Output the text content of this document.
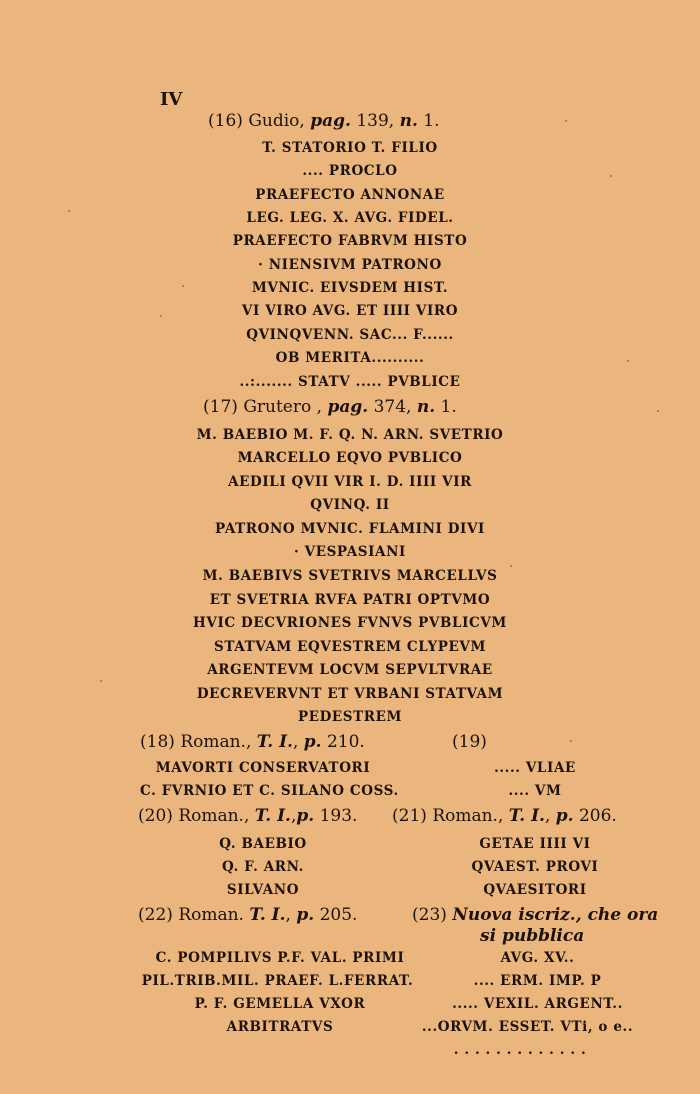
IV
(16) Gudio, pag. 139, n. 1.
T. STATORIO T. FILIO
.... PROCLO
PRAEFECTO ANNONAE
LEG. LEG. X. AVG. FIDEL.
PRAEFECTO FABRVM HISTO
· NIENSIVM PATRONO
MVNIC. EIVSDEM HIST.
VI VIRO AVG. ET IIII VIRO
QVINQVENN. SAC... F......
OB MERITA..........
..:....... STATV ..... PVBLICE
(17) Grutero , pag. 374, n. 1.
M. BAEBIO M. F. Q. N. ARN. SVETRIO
MARCELLO EQVO PVBLICO
AEDILI QVII VIR I. D. IIII VIR
QVINQ. II
PATRONO MVNIC. FLAMINI DIVI
· VESPASIANI
M. BAEBIVS SVETRIVS MARCELLVS
ET SVETRIA RVFA PATRI OPTVMO
HVIC DECVRIONES FVNVS PVBLICVM
STATVAM EQVESTREM CLYPEVM
ARGENTEVM LOCVM SEPVLTVRAE
DECREVERVNT ET VRBANI STATVAM
PEDESTREM
(18) Roman., T. I., p. 210.	(19)
MAVORTI CONSERVATORI
C. FVRNIO ET C. SILANO COSS.
..... VLIAE
.... VM
(20) Roman., T. I.,p. 193. (21) Roman., T. I., p. 206.
Q. BAEBIO
Q. F. ARN.
SILVANO
GETAE IIII VI
QVAEST. PROVI
QVAESITORI
(22) Roman. T. I., p. 205.	(23) Nuova iscriz., che ora
si pubblica
C. POMPILIVS P.F. VAL. PRIMI
PIL.TRIB.MIL. PRAEF. L.FERRAT.
P. F. GEMELLA VXOR
ARBITRATVS
AVG. XV..
.... ERM. IMP. P
..... VEXIL. ARGENT..
...ORVM. ESSET. VTi, o e..
. . . . . . . . . . . . .
